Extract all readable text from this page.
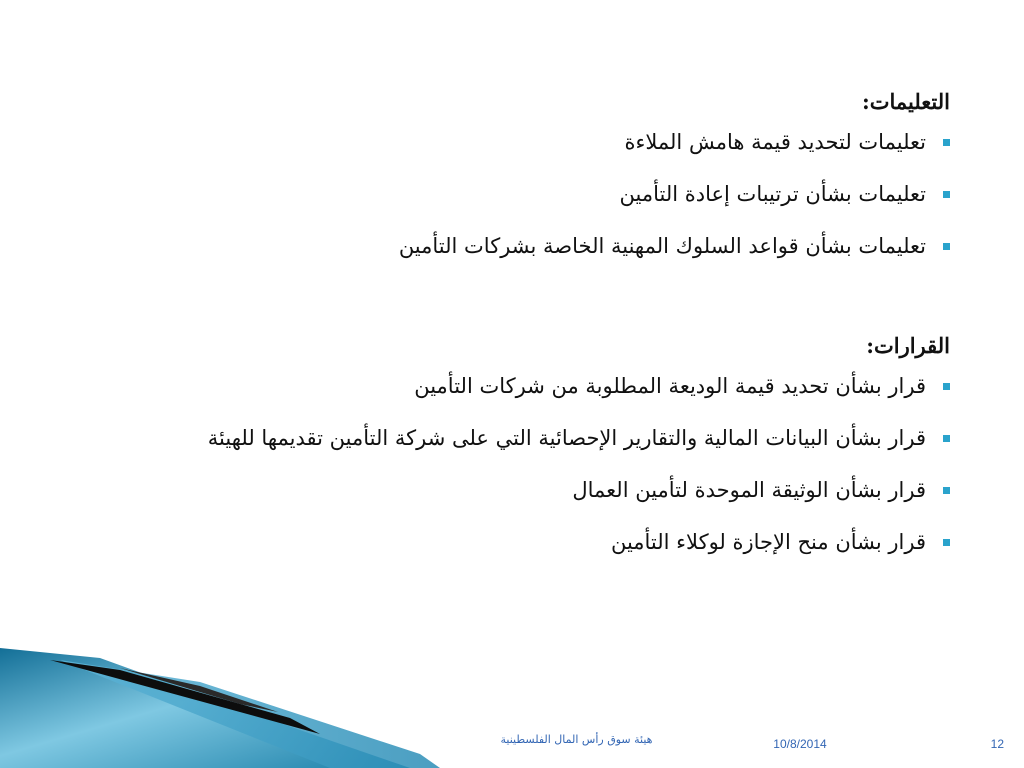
التعليمات:
تعليمات لتحديد قيمة هامش الملاءة
تعليمات بشأن ترتيبات إعادة التأمين
تعليمات بشأن قواعد السلوك المهنية الخاصة بشركات التأمين
القرارات:
قرار بشأن تحديد قيمة الوديعة المطلوبة من شركات التأمين
قرار بشأن البيانات المالية والتقارير الإحصائية التي على شركة التأمين تقديمها للهيئة
قرار بشأن الوثيقة الموحدة لتأمين العمال
قرار بشأن منح الإجازة لوكلاء التأمين
هيئة سوق رأس المال الفلسطينية	10/8/2014	12
